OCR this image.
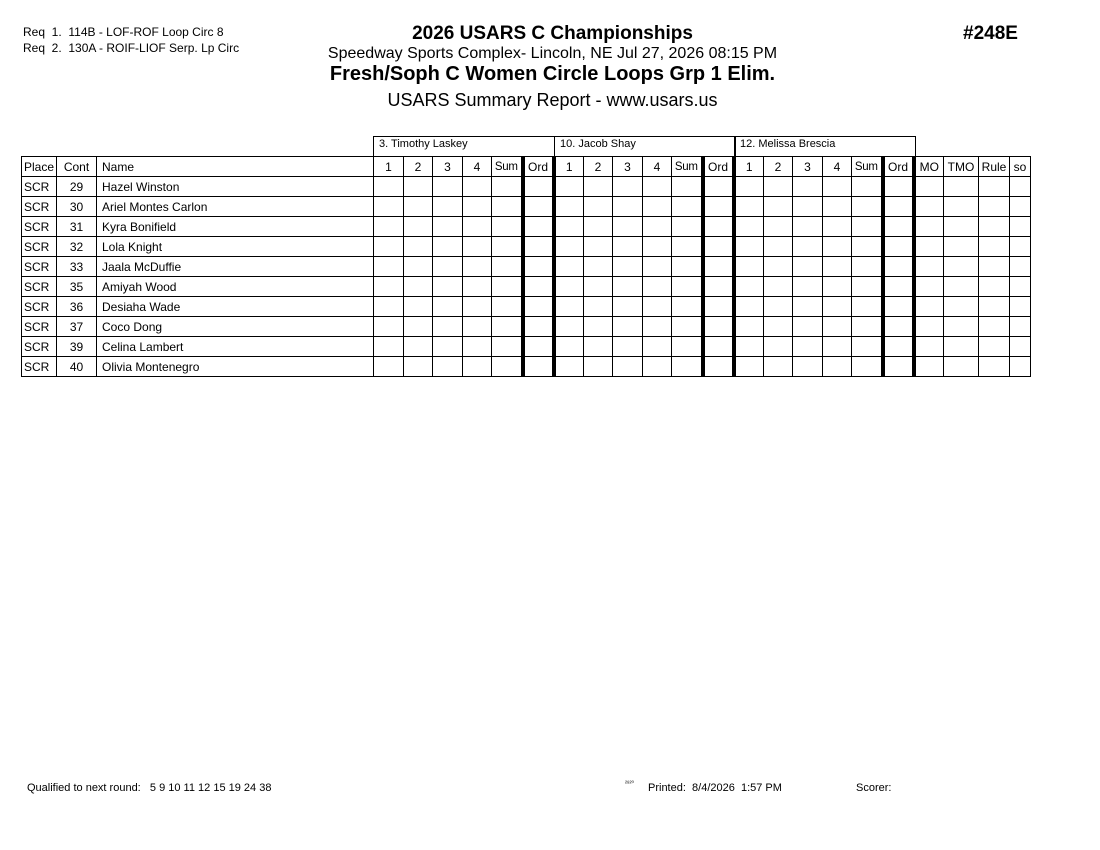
Req  1.  114B - LOF-ROF Loop Circ 8
Req  2.  130A - ROIF-LIOF Serp. Lp Circ
2026 USARS C Championships
Speedway Sports Complex- Lincoln, NE Jul 27, 2026 08:15 PM
Fresh/Soph C Women Circle Loops Grp 1 Elim.
USARS Summary Report - www.usars.us
#248E
3. Timothy Laskey	10. Jacob Shay	12. Melissa Brescia
Place	Cont	Name	1	2	3	4	Sum	Ord	1	2	3	4	Sum	Ord	1	2	3	4	Sum	Ord	MO	TMO	Rule	so
SCR	29	Hazel Winston																						
SCR	30	Ariel Montes Carlon																						
SCR	31	Kyra Bonifield																						
SCR	32	Lola Knight																						
SCR	33	Jaala McDuffie																						
SCR	35	Amiyah Wood																						
SCR	36	Desiaha Wade																						
SCR	37	Coco Dong																						
SCR	39	Celina Lambert																						
SCR	40	Olivia Montenegro																						
Qualified to next round: 5 9 10 11 12 15 19 24 38	²⁸²⁰ Printed:  8/4/2026  1:57 PM	Scorer:
